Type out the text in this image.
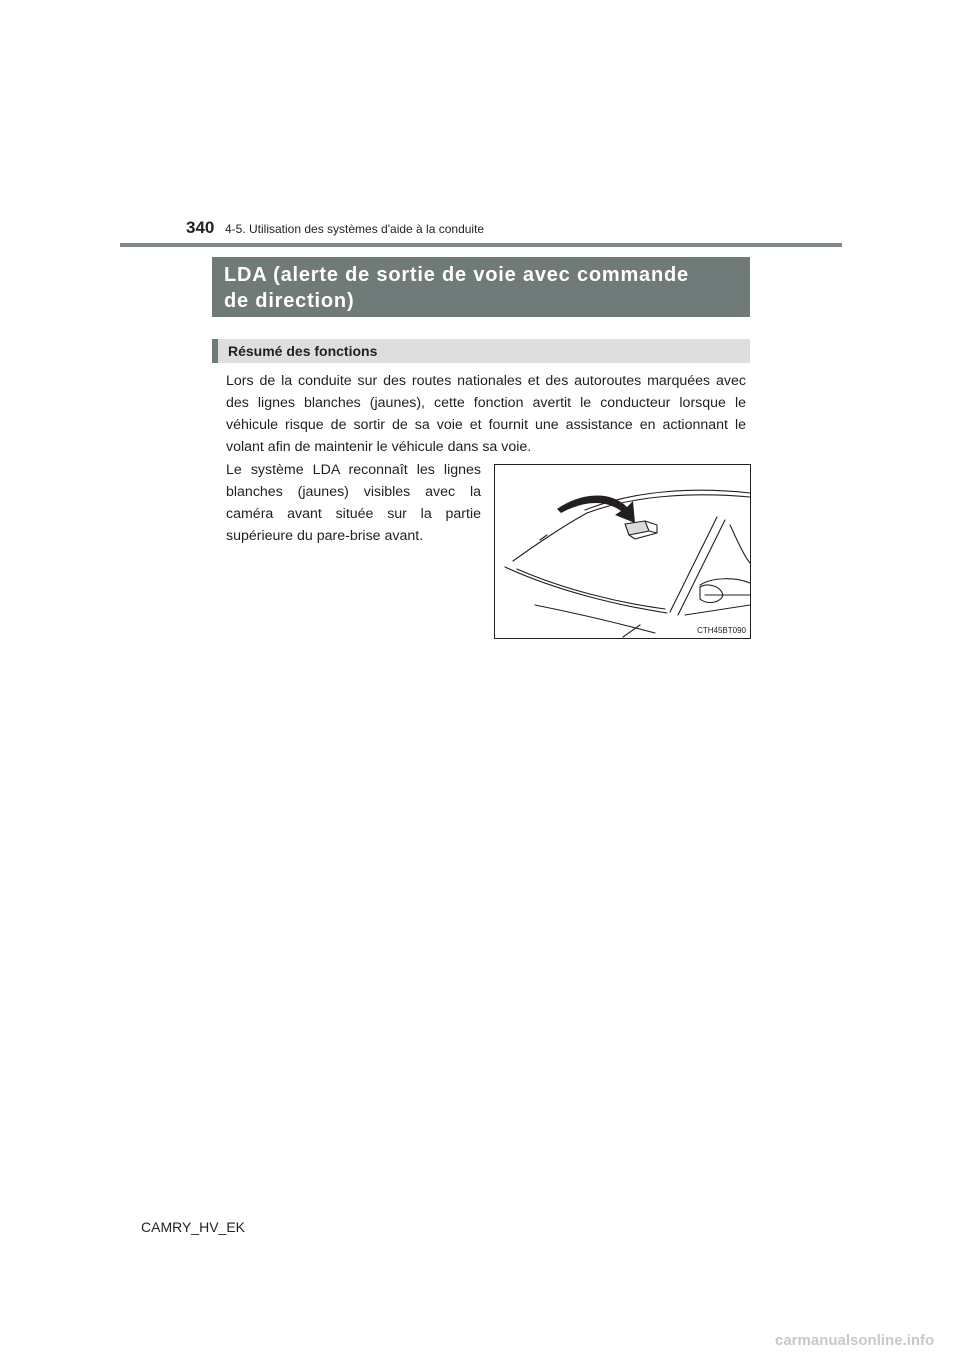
340 4-5. Utilisation des systèmes d'aide à la conduite
LDA (alerte de sortie de voie avec commande
de direction)
Résumé des fonctions

Lors de la conduite sur des routes nationales et des autoroutes marquées avec des lignes blanches (jaunes), cette fonction avertit le conducteur lorsque le véhicule risque de sortir de sa voie et fournit une assistance en actionnant le volant afin de maintenir le véhicule dans sa voie.

Le système LDA reconnaît les lignes blanches (jaunes) visibles avec la caméra avant située sur la partie supérieure du pare-brise avant.

CTH45BT090
CAMRY_HV_EK
carmanualsonline.info
